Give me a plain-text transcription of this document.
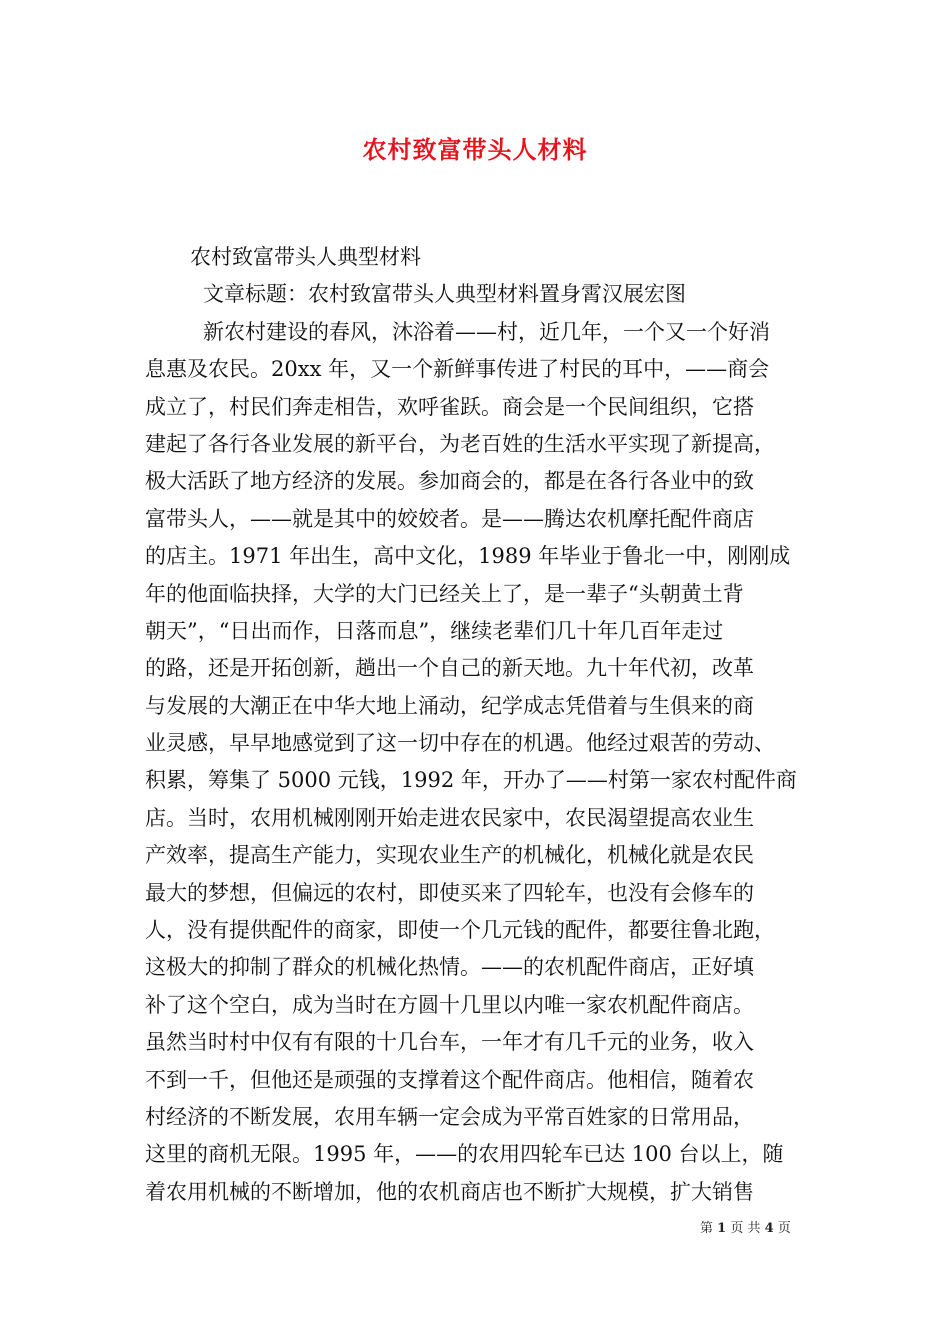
农村致富带头人材料
农村致富带头人典型材料
文章标题：农村致富带头人典型材料置身霄汉展宏图
新农村建设的春风，沐浴着——村，近几年，一个又一个好消
息惠及农民。20xx 年，又一个新鲜事传进了村民的耳中，——商会
成立了，村民们奔走相告，欢呼雀跃。商会是一个民间组织，它搭
建起了各行各业发展的新平台，为老百姓的生活水平实现了新提高，
极大活跃了地方经济的发展。参加商会的，都是在各行各业中的致
富带头人，——就是其中的姣姣者。是——腾达农机摩托配件商店
的店主。1971 年出生，高中文化，1989 年毕业于鲁北一中，刚刚成
年的他面临抉择，大学的大门已经关上了，是一辈子“头朝黄土背
朝天”，“日出而作，日落而息”，继续老辈们几十年几百年走过
的路，还是开拓创新，趟出一个自己的新天地。九十年代初，改革
与发展的大潮正在中华大地上涌动，纪学成志凭借着与生俱来的商
业灵感，早早地感觉到了这一切中存在的机遇。他经过艰苦的劳动、
积累，筹集了 5000 元钱，1992 年，开办了——村第一家农村配件商
店。当时，农用机械刚刚开始走进农民家中，农民渴望提高农业生
产效率，提高生产能力，实现农业生产的机械化，机械化就是农民
最大的梦想，但偏远的农村，即使买来了四轮车，也没有会修车的
人，没有提供配件的商家，即使一个几元钱的配件，都要往鲁北跑，
这极大的抑制了群众的机械化热情。——的农机配件商店，正好填
补了这个空白，成为当时在方圆十几里以内唯一家农机配件商店。
虽然当时村中仅有有限的十几台车，一年才有几千元的业务，收入
不到一千，但他还是顽强的支撑着这个配件商店。他相信，随着农
村经济的不断发展，农用车辆一定会成为平常百姓家的日常用品，
这里的商机无限。1995 年，——的农用四轮车已达 100 台以上，随
着农用机械的不断增加，他的农机商店也不断扩大规模，扩大销售
第 1 页 共 4 页
